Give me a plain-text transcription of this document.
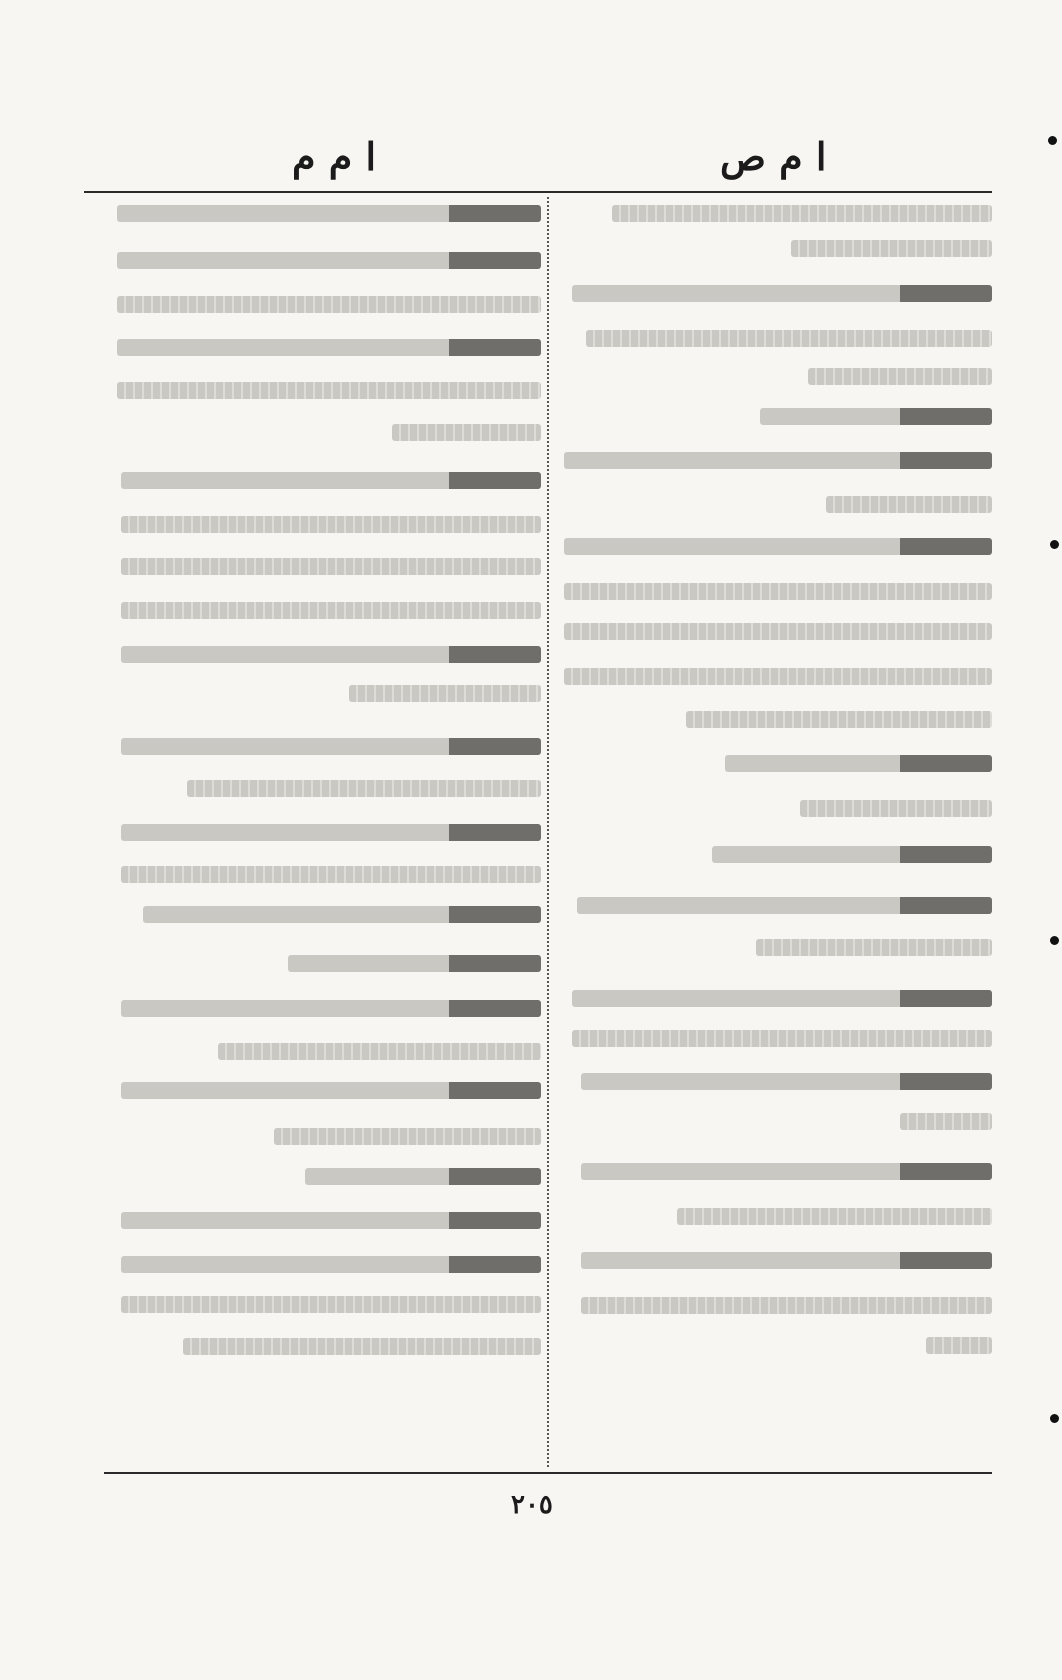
ا م ص
ا م م
٢٠٥
